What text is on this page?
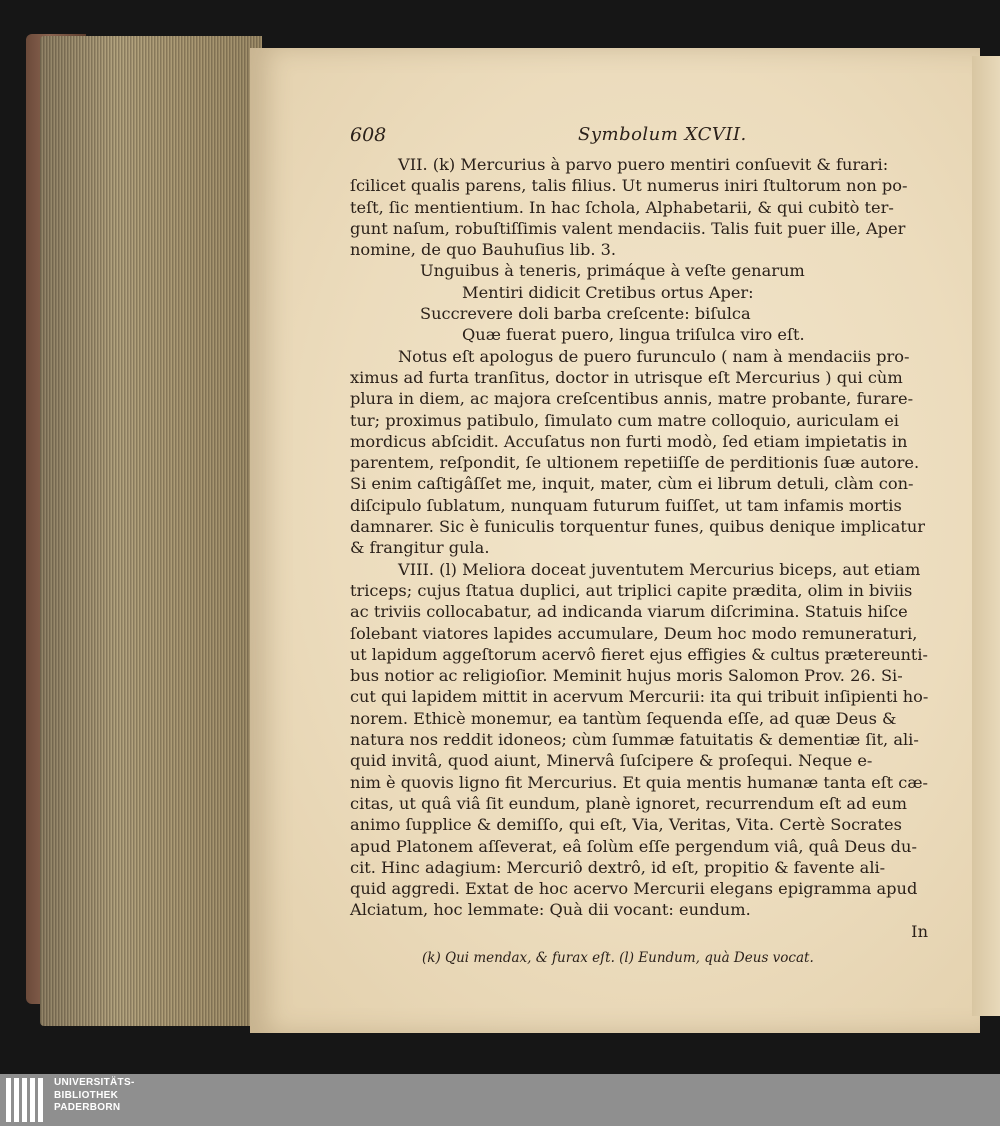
608	Symbolum XCVII.
VII. (k) Mercurius à parvo puero mentiri conſuevit & furari:
ſcilicet qualis parens, talis filius. Ut numerus iniri ſtultorum non po-
teſt, ſic mentientium. In hac ſchola, Alphabetarii, & qui cubitò ter-
gunt naſum, robuſtiſſimis valent mendaciis. Talis fuit puer ille, Aper
nomine, de quo Bauhuſius lib. 3.
Unguibus à teneris, primáque à veſte genarum
Mentiri didicit Cretibus ortus Aper:
Succrevere doli barba creſcente: biſulca
Quæ fuerat puero, lingua triſulca viro eſt.
Notus eſt apologus de puero furunculo ( nam à mendaciis pro-
ximus ad furta tranſitus, doctor in utrisque eſt Mercurius ) qui cùm
plura in diem, ac majora creſcentibus annis, matre probante, furare-
tur; proximus patibulo, ſimulato cum matre colloquio, auriculam ei
mordicus abſcidit. Accuſatus non furti modò, ſed etiam impietatis in
parentem, reſpondit, ſe ultionem repetiiſſe de perditionis ſuæ autore.
Si enim caſtigâſſet me, inquit, mater, cùm ei librum detuli, clàm con-
diſcipulo ſublatum, nunquam futurum fuiſſet, ut tam infamis mortis
damnarer. Sic è funiculis torquentur funes, quibus denique implicatur
& frangitur gula.
VIII. (l) Meliora doceat juventutem Mercurius biceps, aut etiam
triceps; cujus ſtatua duplici, aut triplici capite prædita, olim in biviis
ac triviis collocabatur, ad indicanda viarum diſcrimina. Statuis hiſce
ſolebant viatores lapides accumulare, Deum hoc modo remuneraturi,
ut lapidum aggeſtorum acervô fieret ejus effigies & cultus prætereunti-
bus notior ac religioſior. Meminit hujus moris Salomon Prov. 26. Si-
cut qui lapidem mittit in acervum Mercurii: ita qui tribuit inſipienti ho-
norem. Ethicè monemur, ea tantùm ſequenda eſſe, ad quæ Deus &
natura nos reddit idoneos; cùm ſummæ fatuitatis & dementiæ ſit, ali-
quid invitâ, quod aiunt, Minervâ ſuſcipere & proſequi. Neque e-
nim è quovis ligno fit Mercurius. Et quia mentis humanæ tanta eſt cæ-
citas, ut quâ viâ ſit eundum, planè ignoret, recurrendum eſt ad eum
animo ſupplice & demiſſo, qui eſt, Via, Veritas, Vita. Certè Socrates
apud Platonem aſſeverat, eâ ſolùm eſſe pergendum viâ, quâ Deus du-
cit. Hinc adagium: Mercuriô dextrô, id eſt, propitio & favente ali-
quid aggredi. Extat de hoc acervo Mercurii elegans epigramma apud
Alciatum, hoc lemmate: Quà dii vocant: eundum.
In
(k) Qui mendax, & furax eſt. (l) Eundum, quà Deus vocat.
UNIVERSITÄTS-
BIBLIOTHEK
PADERBORN
